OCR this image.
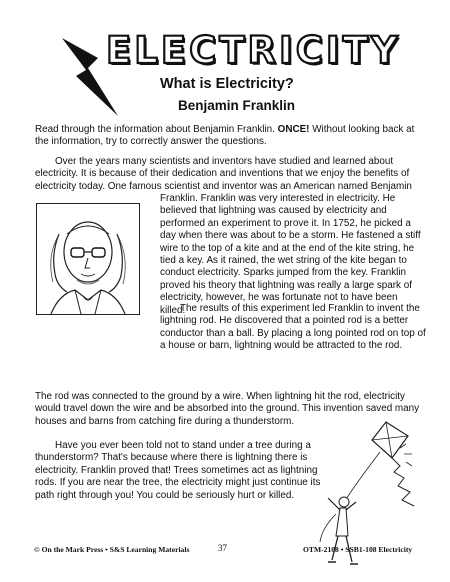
ELECTRICITY
What is Electricity?
Benjamin Franklin

Read through the information about Benjamin Franklin. ONCE! Without looking back at the information, try to correctly answer the questions.

Over the years many scientists and inventors have studied and learned about electricity. It is because of their dedication and inventions that we enjoy the benefits of electricity today. One famous scientist and inventor was an American named Benjamin

Franklin. Franklin was very interested in electricity. He believed that lightning was caused by electricity and performed an experiment to prove it. In 1752, he picked a day when there was about to be a storm. He fastened a stiff wire to the top of a kite and at the end of the kite string, he tied a key. As it rained, the wet string of the kite began to conduct electricity. Sparks jumped from the key. Franklin proved his theory that lightning was really a large spark of electricity, however, he was fortunate not to have been killed.

The results of this experiment led Franklin to invent the lightning rod. He discovered that a pointed rod is a better conductor than a ball. By placing a long pointed rod on top of a house or barn, lightning would be attracted to the rod.

The rod was connected to the ground by a wire. When lightning hit the rod, electricity would travel down the wire and be absorbed into the ground. This invention saved many houses and barns from catching fire during a thunderstorm.

Have you ever been told not to stand under a tree during a thunderstorm? That's because where there is lightning there is electricity. Franklin proved that! Trees sometimes act as lightning rods. If you are near the tree, the electricity might just continue its path right through you! You could be seriously hurt or killed.

© On the Mark Press • S&S Learning Materials	37	OTM-2108 • SSB1-108 Electricity
